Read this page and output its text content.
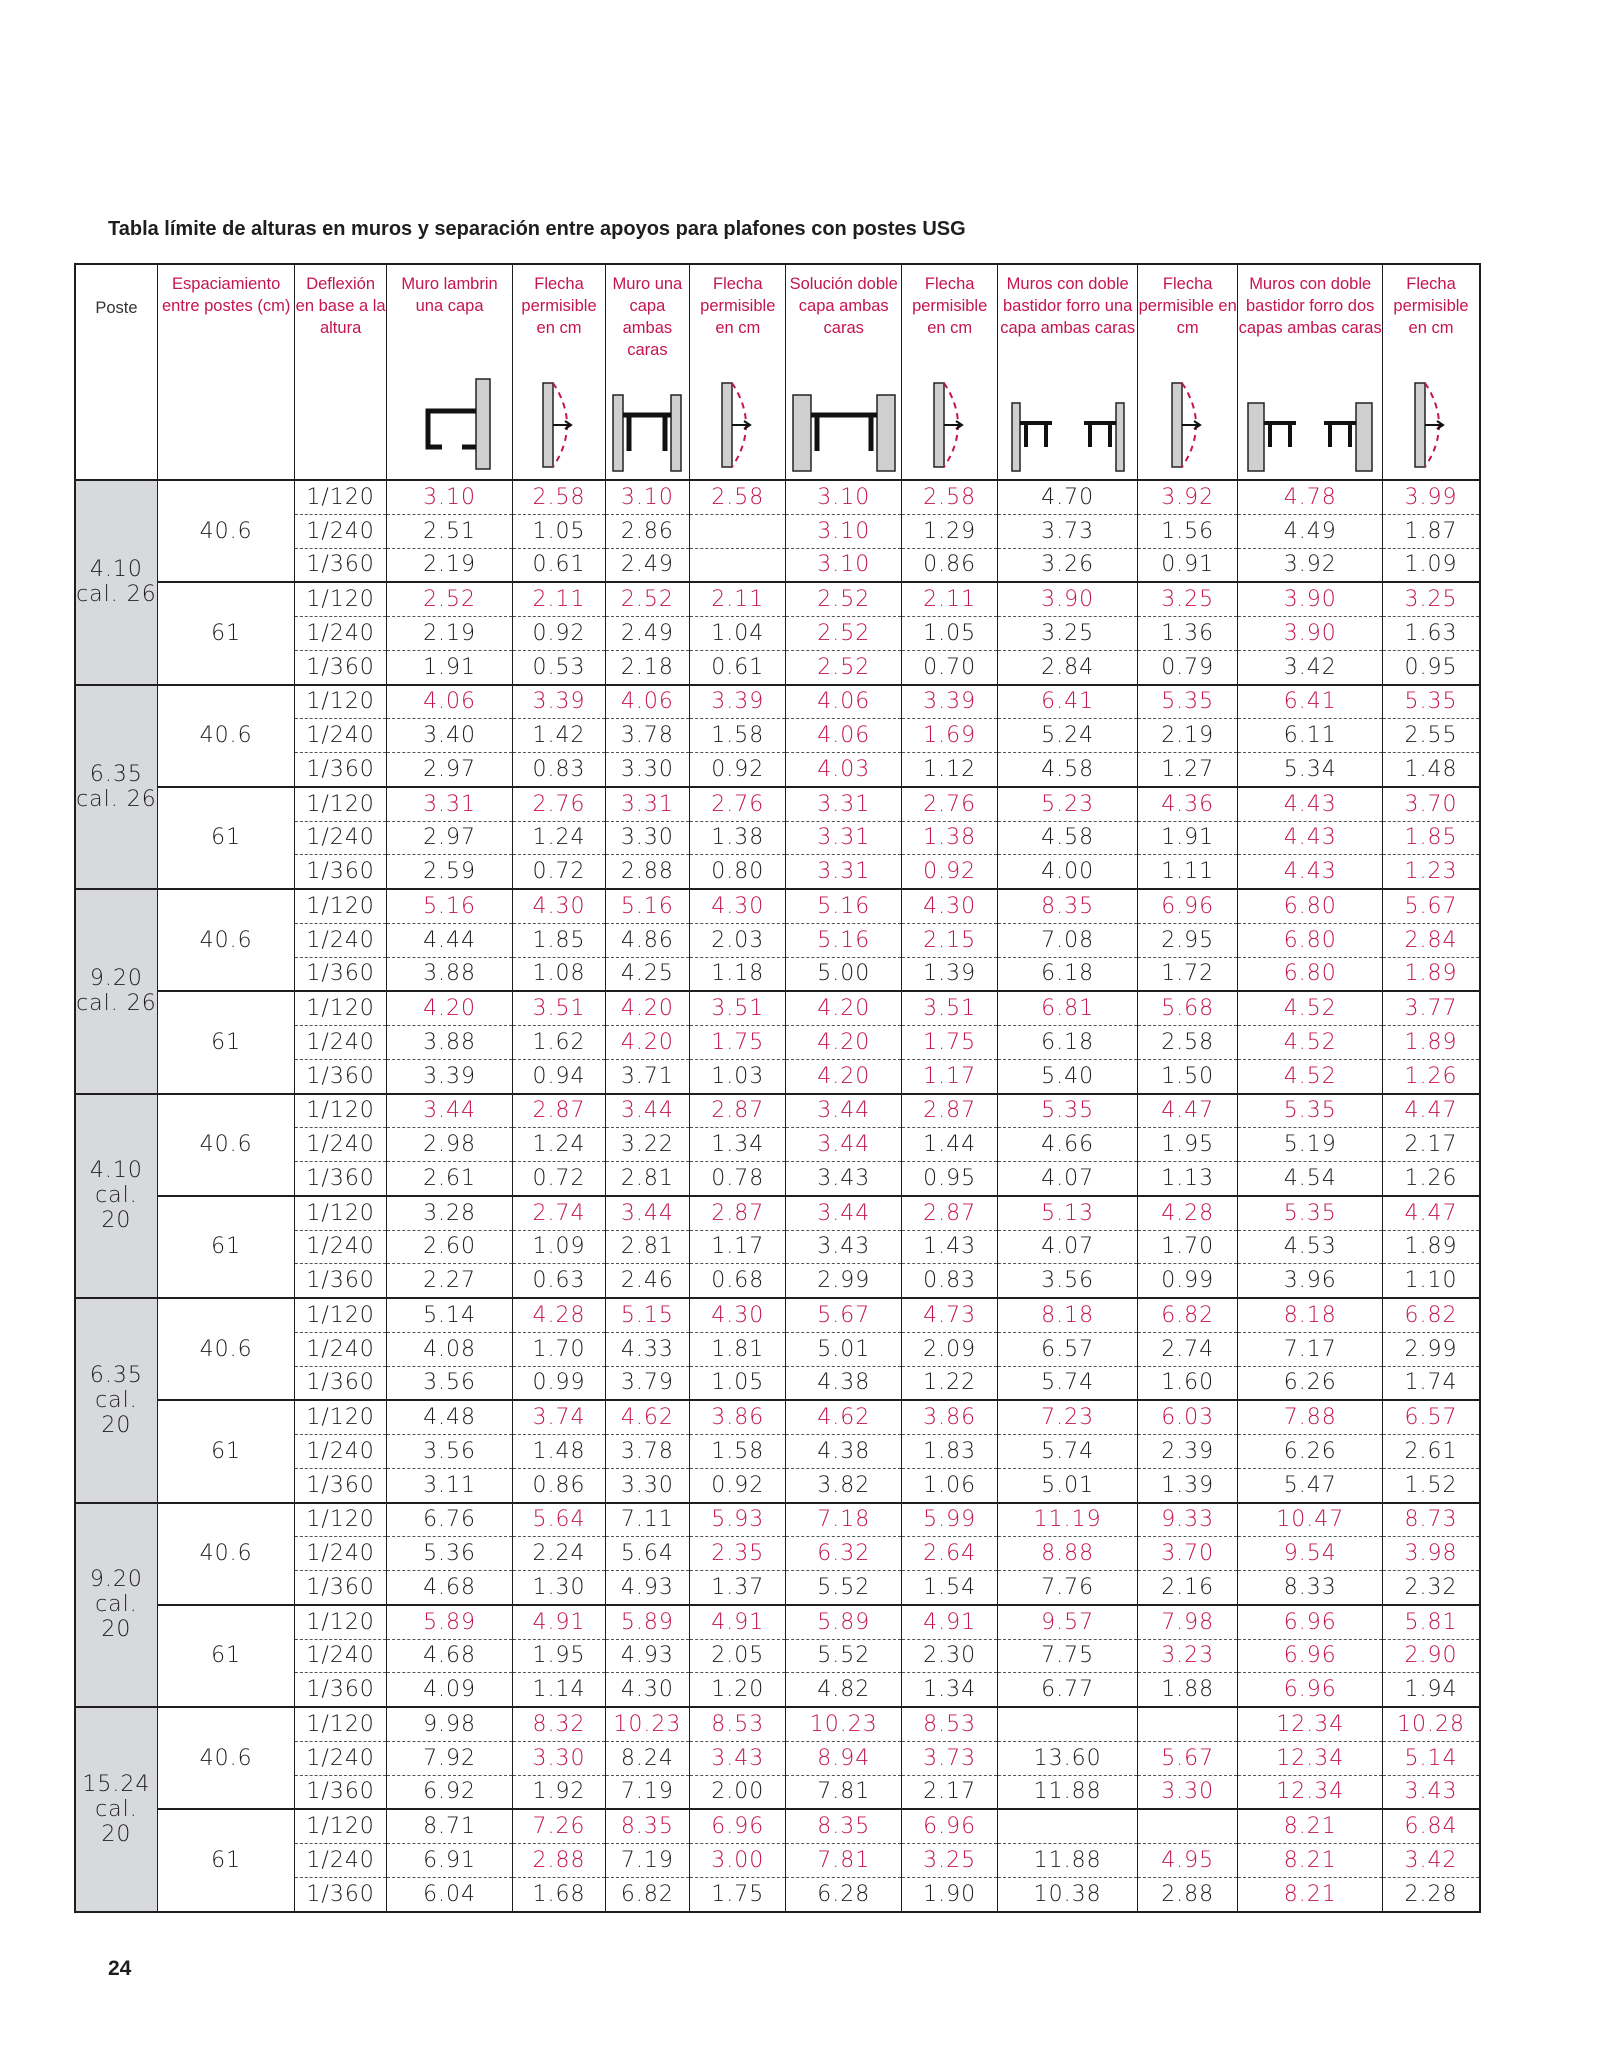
Tabla límite de alturas en muros y separación entre apoyos para plafones con postes USG
Poste	Espaciamiento entre postes (cm)	Deflexión en base a la altura	Muro lambrin una capa	Flecha permisible en cm	Muro una capa ambas caras	Flecha permisible en cm	Solución doble capa ambas caras	Flecha permisible en cm	Muros con doble bastidor forro una capa ambas caras	Flecha permisible en cm	Muros con doble bastidor forro dos capas ambas caras	Flecha permisible en cm

4.10
cal. 26	40.6	1/120	3.10	2.58	3.10	2.58	3.10	2.58	4.70	3.92	4.78	3.99
		1/240	2.51	1.05	2.86		3.10	1.29	3.73	1.56	4.49	1.87
		1/360	2.19	0.61	2.49		3.10	0.86	3.26	0.91	3.92	1.09
	61	1/120	2.52	2.11	2.52	2.11	2.52	2.11	3.90	3.25	3.90	3.25
		1/240	2.19	0.92	2.49	1.04	2.52	1.05	3.25	1.36	3.90	1.63
		1/360	1.91	0.53	2.18	0.61	2.52	0.70	2.84	0.79	3.42	0.95

6.35
cal. 26	40.6	1/120	4.06	3.39	4.06	3.39	4.06	3.39	6.41	5.35	6.41	5.35
		1/240	3.40	1.42	3.78	1.58	4.06	1.69	5.24	2.19	6.11	2.55
		1/360	2.97	0.83	3.30	0.92	4.03	1.12	4.58	1.27	5.34	1.48
	61	1/120	3.31	2.76	3.31	2.76	3.31	2.76	5.23	4.36	4.43	3.70
		1/240	2.97	1.24	3.30	1.38	3.31	1.38	4.58	1.91	4.43	1.85
		1/360	2.59	0.72	2.88	0.80	3.31	0.92	4.00	1.11	4.43	1.23

9.20
cal. 26	40.6	1/120	5.16	4.30	5.16	4.30	5.16	4.30	8.35	6.96	6.80	5.67
		1/240	4.44	1.85	4.86	2.03	5.16	2.15	7.08	2.95	6.80	2.84
		1/360	3.88	1.08	4.25	1.18	5.00	1.39	6.18	1.72	6.80	1.89
	61	1/120	4.20	3.51	4.20	3.51	4.20	3.51	6.81	5.68	4.52	3.77
		1/240	3.88	1.62	4.20	1.75	4.20	1.75	6.18	2.58	4.52	1.89
		1/360	3.39	0.94	3.71	1.03	4.20	1.17	5.40	1.50	4.52	1.26

4.10
cal.
20	40.6	1/120	3.44	2.87	3.44	2.87	3.44	2.87	5.35	4.47	5.35	4.47
		1/240	2.98	1.24	3.22	1.34	3.44	1.44	4.66	1.95	5.19	2.17
		1/360	2.61	0.72	2.81	0.78	3.43	0.95	4.07	1.13	4.54	1.26
	61	1/120	3.28	2.74	3.44	2.87	3.44	2.87	5.13	4.28	5.35	4.47
		1/240	2.60	1.09	2.81	1.17	3.43	1.43	4.07	1.70	4.53	1.89
		1/360	2.27	0.63	2.46	0.68	2.99	0.83	3.56	0.99	3.96	1.10

6.35
cal.
20	40.6	1/120	5.14	4.28	5.15	4.30	5.67	4.73	8.18	6.82	8.18	6.82
		1/240	4.08	1.70	4.33	1.81	5.01	2.09	6.57	2.74	7.17	2.99
		1/360	3.56	0.99	3.79	1.05	4.38	1.22	5.74	1.60	6.26	1.74
	61	1/120	4.48	3.74	4.62	3.86	4.62	3.86	7.23	6.03	7.88	6.57
		1/240	3.56	1.48	3.78	1.58	4.38	1.83	5.74	2.39	6.26	2.61
		1/360	3.11	0.86	3.30	0.92	3.82	1.06	5.01	1.39	5.47	1.52

9.20
cal.
20	40.6	1/120	6.76	5.64	7.11	5.93	7.18	5.99	11.19	9.33	10.47	8.73
		1/240	5.36	2.24	5.64	2.35	6.32	2.64	8.88	3.70	9.54	3.98
		1/360	4.68	1.30	4.93	1.37	5.52	1.54	7.76	2.16	8.33	2.32
	61	1/120	5.89	4.91	5.89	4.91	5.89	4.91	9.57	7.98	6.96	5.81
		1/240	4.68	1.95	4.93	2.05	5.52	2.30	7.75	3.23	6.96	2.90
		1/360	4.09	1.14	4.30	1.20	4.82	1.34	6.77	1.88	6.96	1.94

15.24
cal.
20	40.6	1/120	9.98	8.32	10.23	8.53	10.23	8.53			12.34	10.28
		1/240	7.92	3.30	8.24	3.43	8.94	3.73	13.60	5.67	12.34	5.14
		1/360	6.92	1.92	7.19	2.00	7.81	2.17	11.88	3.30	12.34	3.43
	61	1/120	8.71	7.26	8.35	6.96	8.35	6.96			8.21	6.84
		1/240	6.91	2.88	7.19	3.00	7.81	3.25	11.88	4.95	8.21	3.42
		1/360	6.04	1.68	6.82	1.75	6.28	1.90	10.38	2.88	8.21	2.28
24
